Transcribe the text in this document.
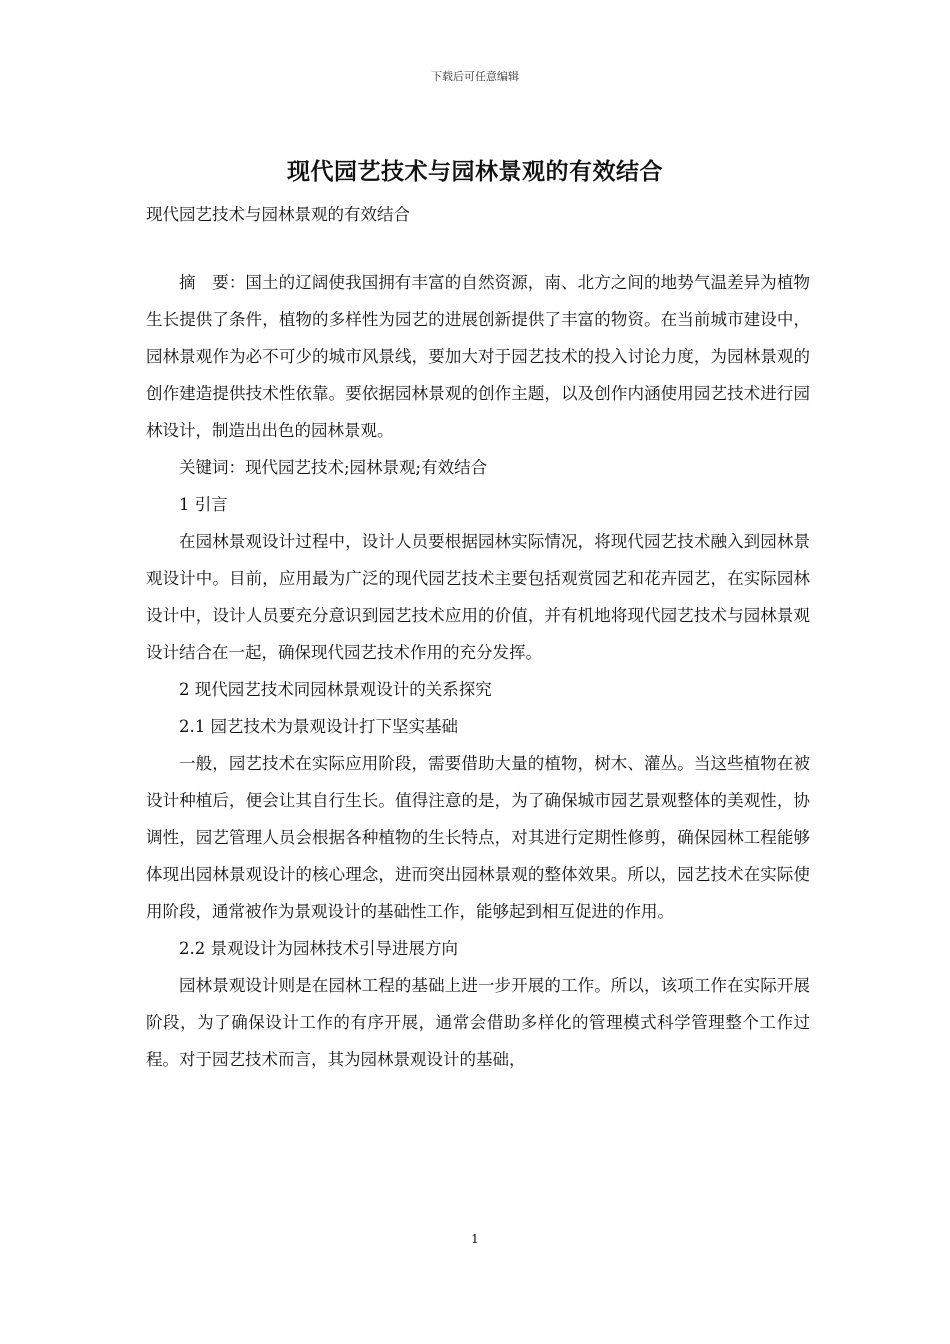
下载后可任意编辑
现代园艺技术与园林景观的有效结合
现代园艺技术与园林景观的有效结合

摘　要：国土的辽阔使我国拥有丰富的自然资源，南、北方之间的地势气温差异为植物生长提供了条件，植物的多样性为园艺的进展创新提供了丰富的物资。在当前城市建设中，园林景观作为必不可少的城市风景线，要加大对于园艺技术的投入讨论力度，为园林景观的创作建造提供技术性依靠。要依据园林景观的创作主题，以及创作内涵使用园艺技术进行园林设计，制造出出色的园林景观。

关键词：现代园艺技术;园林景观;有效结合

1 引言

在园林景观设计过程中，设计人员要根据园林实际情况，将现代园艺技术融入到园林景观设计中。目前，应用最为广泛的现代园艺技术主要包括观赏园艺和花卉园艺，在实际园林设计中，设计人员要充分意识到园艺技术应用的价值，并有机地将现代园艺技术与园林景观设计结合在一起，确保现代园艺技术作用的充分发挥。

2 现代园艺技术同园林景观设计的关系探究

2.1 园艺技术为景观设计打下坚实基础

一般，园艺技术在实际应用阶段，需要借助大量的植物，树木、灌丛。当这些植物在被设计种植后，便会让其自行生长。值得注意的是，为了确保城市园艺景观整体的美观性，协调性，园艺管理人员会根据各种植物的生长特点，对其进行定期性修剪，确保园林工程能够体现出园林景观设计的核心理念，进而突出园林景观的整体效果。所以，园艺技术在实际使用阶段，通常被作为景观设计的基础性工作，能够起到相互促进的作用。

2.2 景观设计为园林技术引导进展方向

园林景观设计则是在园林工程的基础上进一步开展的工作。所以，该项工作在实际开展阶段，为了确保设计工作的有序开展，通常会借助多样化的管理模式科学管理整个工作过程。对于园艺技术而言，其为园林景观设计的基础，

1
